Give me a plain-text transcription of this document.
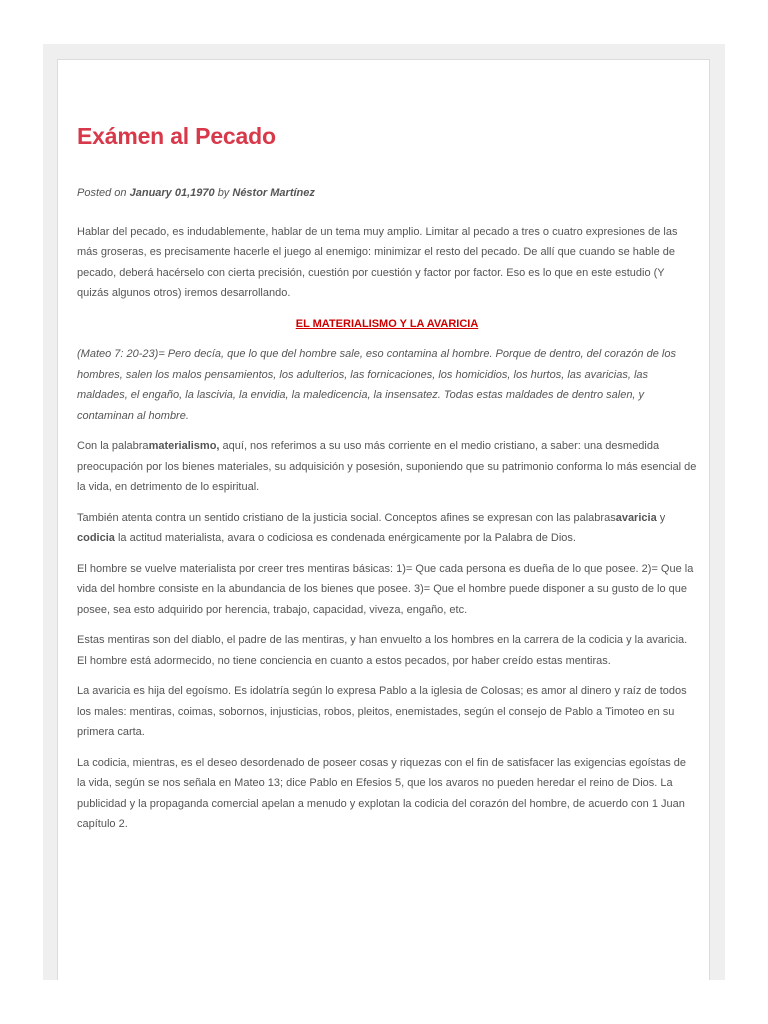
Exámen al Pecado
Posted on January 01,1970 by Néstor Martínez

Hablar del pecado, es indudablemente, hablar de un tema muy amplio. Limitar al pecado a tres o cuatro expresiones de las más groseras, es precisamente hacerle el juego al enemigo: minimizar el resto del pecado. De allí que cuando se hable de pecado, deberá hacérselo con cierta precisión, cuestión por cuestión y factor por factor. Eso es lo que en este estudio (Y quizás algunos otros) iremos desarrollando.

EL MATERIALISMO Y LA AVARICIA

(Mateo 7: 20-23)= Pero decía, que lo que del hombre sale, eso contamina al hombre. Porque de dentro, del corazón de los hombres, salen los malos pensamientos, los adulterios, las fornicaciones, los homicidios, los hurtos, las avaricias, las maldades, el engaño, la lascivia, la envidia, la maledicencia, la insensatez. Todas estas maldades de dentro salen, y contaminan al hombre.

Con la palabramaterialismo, aquí, nos referimos a su uso más corriente en el medio cristiano, a saber: una desmedida preocupación por los bienes materiales, su adquisición y posesión, suponiendo que su patrimonio conforma lo más esencial de la vida, en detrimento de lo espiritual.

También atenta contra un sentido cristiano de la justicia social. Conceptos afines se expresan con las palabrasavaricia y codicia la actitud materialista, avara o codiciosa es condenada enérgicamente por la Palabra de Dios.

El hombre se vuelve materialista por creer tres mentiras básicas: 1)= Que cada persona es dueña de lo que posee. 2)= Que la vida del hombre consiste en la abundancia de los bienes que posee. 3)= Que el hombre puede disponer a su gusto de lo que posee, sea esto adquirido por herencia, trabajo, capacidad, viveza, engaño, etc.

Estas mentiras son del diablo, el padre de las mentiras, y han envuelto a los hombres en la carrera de la codicia y la avaricia. El hombre está adormecido, no tiene conciencia en cuanto a estos pecados, por haber creído estas mentiras.

La avaricia es hija del egoísmo. Es idolatría según lo expresa Pablo a la iglesia de Colosas; es amor al dinero y raíz de todos los males: mentiras, coimas, sobornos, injusticias, robos, pleitos, enemistades, según el consejo de Pablo a Timoteo en su primera carta.

La codicia, mientras, es el deseo desordenado de poseer cosas y riquezas con el fin de satisfacer las exigencias egoístas de la vida, según se nos señala en Mateo 13; dice Pablo en Efesios 5, que los avaros no pueden heredar el reino de Dios. La publicidad y la propaganda comercial apelan a menudo y explotan la codicia del corazón del hombre, de acuerdo con 1 Juan capítulo 2.
